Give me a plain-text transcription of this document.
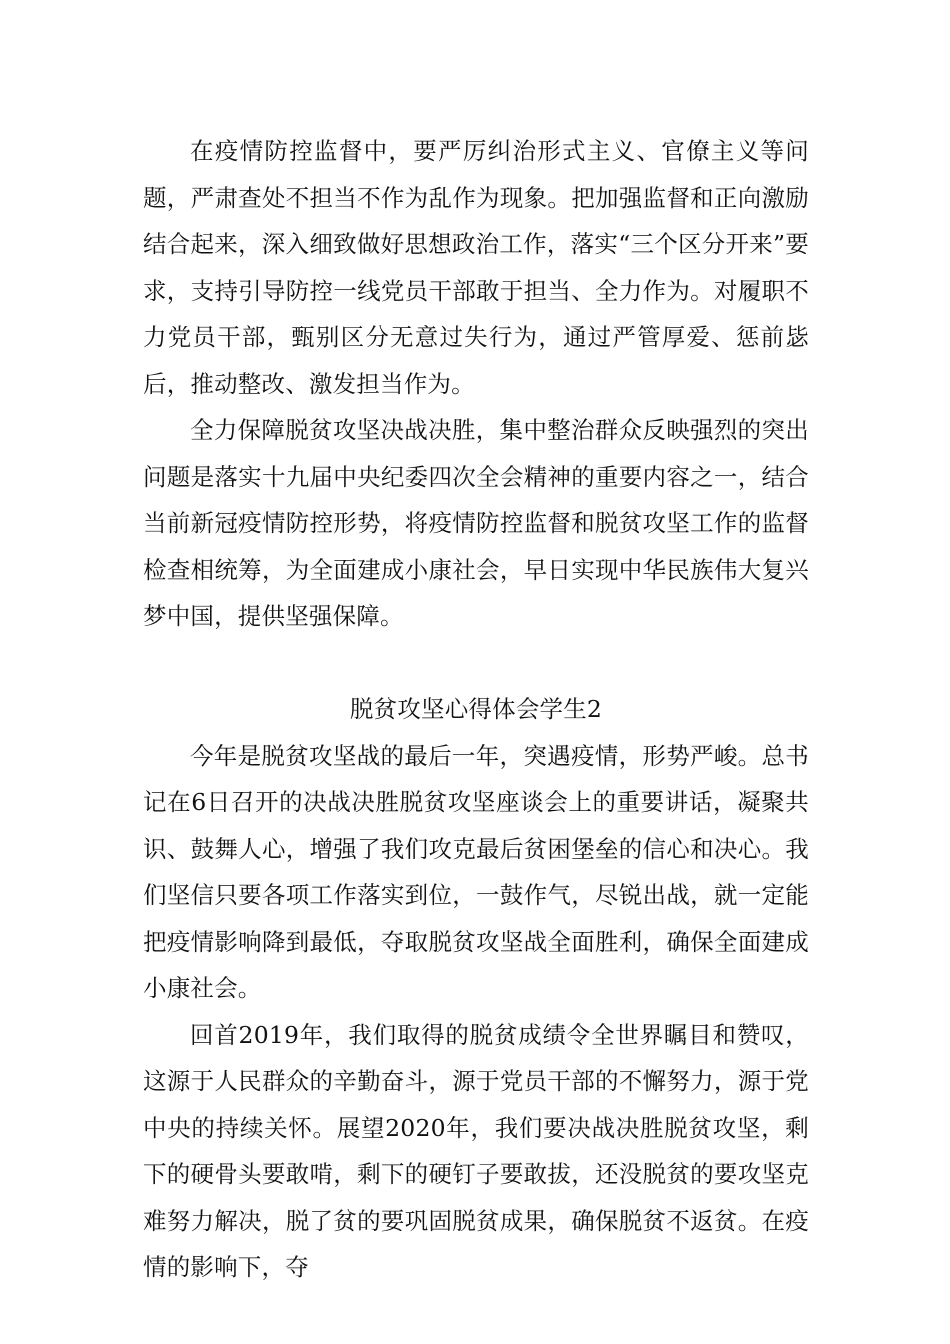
在疫情防控监督中，要严厉纠治形式主义、官僚主义等问题，严肃查处不担当不作为乱作为现象。把加强监督和正向激励结合起来，深入细致做好思想政治工作，落实“三个区分开来”要求，支持引导防控一线党员干部敢于担当、全力作为。对履职不力党员干部，甄别区分无意过失行为，通过严管厚爱、惩前毖后，推动整改、激发担当作为。

全力保障脱贫攻坚决战决胜，集中整治群众反映强烈的突出问题是落实十九届中央纪委四次全会精神的重要内容之一，结合当前新冠疫情防控形势，将疫情防控监督和脱贫攻坚工作的监督检查相统筹，为全面建成小康社会，早日实现中华民族伟大复兴梦中国，提供坚强保障。

脱贫攻坚心得体会学生2

今年是脱贫攻坚战的最后一年，突遇疫情，形势严峻。总书记在6日召开的决战决胜脱贫攻坚座谈会上的重要讲话，凝聚共识、鼓舞人心，增强了我们攻克最后贫困堡垒的信心和决心。我们坚信只要各项工作落实到位，一鼓作气，尽锐出战，就一定能把疫情影响降到最低，夺取脱贫攻坚战全面胜利，确保全面建成小康社会。

回首2019年，我们取得的脱贫成绩令全世界瞩目和赞叹，这源于人民群众的辛勤奋斗，源于党员干部的不懈努力，源于党中央的持续关怀。展望2020年，我们要决战决胜脱贫攻坚，剩下的硬骨头要敢啃，剩下的硬钉子要敢拔，还没脱贫的要攻坚克难努力解决，脱了贫的要巩固脱贫成果，确保脱贫不返贫。在疫情的影响下，夺
